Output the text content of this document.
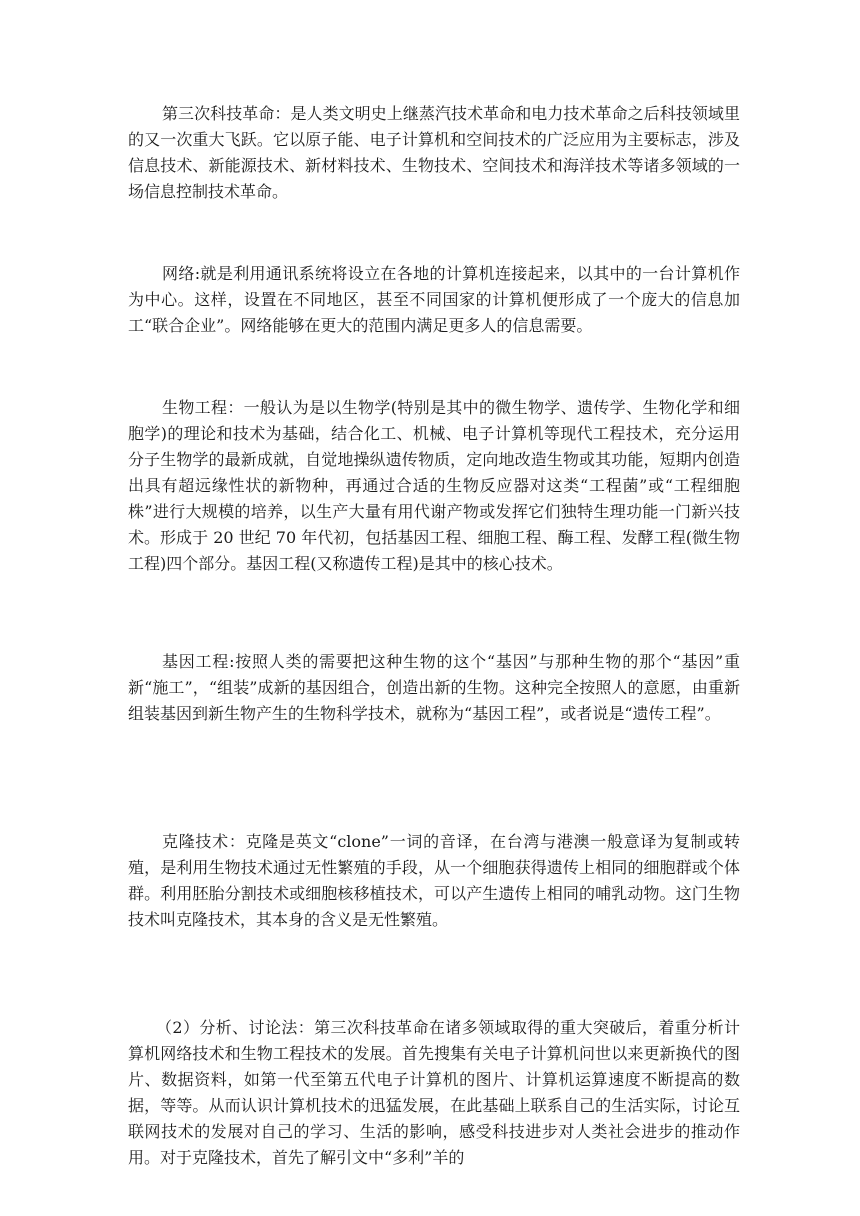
第三次科技革命：是人类文明史上继蒸汽技术革命和电力技术革命之后科技领域里的又一次重大飞跃。它以原子能、电子计算机和空间技术的广泛应用为主要标志，涉及信息技术、新能源技术、新材料技术、生物技术、空间技术和海洋技术等诸多领域的一场信息控制技术革命。

网络:就是利用通讯系统将设立在各地的计算机连接起来，以其中的一台计算机作为中心。这样，设置在不同地区，甚至不同国家的计算机便形成了一个庞大的信息加工“联合企业”。网络能够在更大的范围内满足更多人的信息需要。

生物工程：一般认为是以生物学(特别是其中的微生物学、遗传学、生物化学和细胞学)的理论和技术为基础，结合化工、机械、电子计算机等现代工程技术，充分运用分子生物学的最新成就，自觉地操纵遗传物质，定向地改造生物或其功能，短期内创造出具有超远缘性状的新物种，再通过合适的生物反应器对这类“工程菌”或“工程细胞株”进行大规模的培养，以生产大量有用代谢产物或发挥它们独特生理功能一门新兴技术。形成于 20 世纪 70 年代初，包括基因工程、细胞工程、酶工程、发酵工程(微生物工程)四个部分。基因工程(又称遗传工程)是其中的核心技术。

基因工程:按照人类的需要把这种生物的这个“基因”与那种生物的那个“基因”重新“施工”，“组装”成新的基因组合，创造出新的生物。这种完全按照人的意愿，由重新组装基因到新生物产生的生物科学技术，就称为“基因工程”，或者说是“遗传工程”。

克隆技术：克隆是英文“clone”一词的音译，在台湾与港澳一般意译为复制或转殖，是利用生物技术通过无性繁殖的手段，从一个细胞获得遗传上相同的细胞群或个体群。利用胚胎分割技术或细胞核移植技术，可以产生遗传上相同的哺乳动物。这门生物技术叫克隆技术，其本身的含义是无性繁殖。

（2）分析、讨论法：第三次科技革命在诸多领域取得的重大突破后，着重分析计算机网络技术和生物工程技术的发展。首先搜集有关电子计算机问世以来更新换代的图片、数据资料，如第一代至第五代电子计算机的图片、计算机运算速度不断提高的数据，等等。从而认识计算机技术的迅猛发展，在此基础上联系自己的生活实际，讨论互联网技术的发展对自己的学习、生活的影响，感受科技进步对人类社会进步的推动作用。对于克隆技术，首先了解引文中“多利”羊的
